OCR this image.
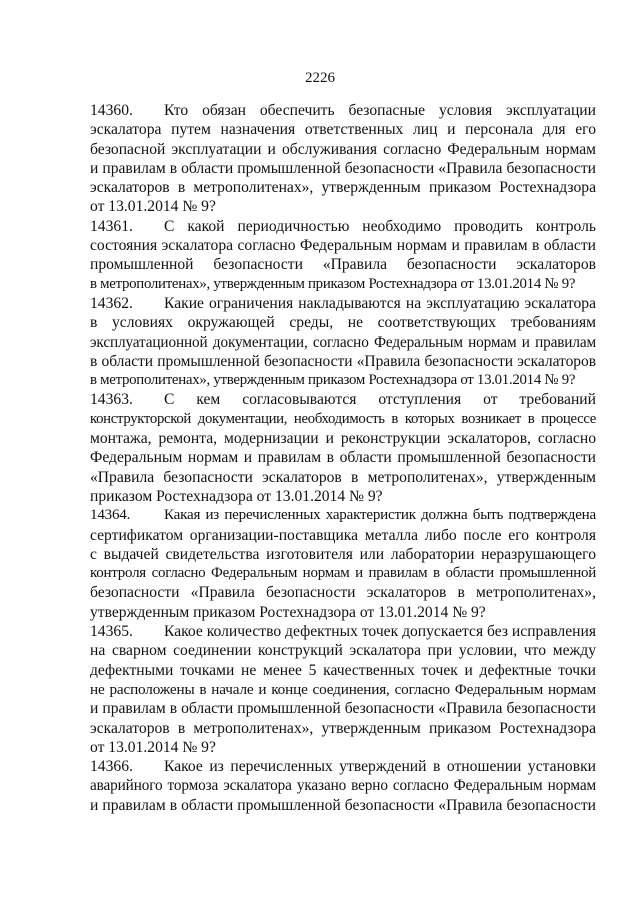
2226
14360. Кто обязан обеспечить безопасные условия эксплуатации
эскалатора путем назначения ответственных лиц и персонала для его
безопасной эксплуатации и обслуживания согласно Федеральным нормам
и правилам в области промышленной безопасности «Правила безопасности
эскалаторов в метрополитенах», утвержденным приказом Ростехнадзора
от 13.01.2014 № 9?
14361. С какой периодичностью необходимо проводить контроль
состояния эскалатора согласно Федеральным нормам и правилам в области
промышленной безопасности «Правила безопасности эскалаторов
в метрополитенах», утвержденным приказом Ростехнадзора от 13.01.2014 № 9?
14362. Какие ограничения накладываются на эксплуатацию эскалатора
в условиях окружающей среды, не соответствующих требованиям
эксплуатационной документации, согласно Федеральным нормам и правилам
в области промышленной безопасности «Правила безопасности эскалаторов
в метрополитенах», утвержденным приказом Ростехнадзора от 13.01.2014 № 9?
14363. С кем согласовываются отступления от требований
конструкторской документации, необходимость в которых возникает в процессе
монтажа, ремонта, модернизации и реконструкции эскалаторов, согласно
Федеральным нормам и правилам в области промышленной безопасности
«Правила безопасности эскалаторов в метрополитенах», утвержденным
приказом Ростехнадзора от 13.01.2014 № 9?
14364. Какая из перечисленных характеристик должна быть подтверждена
сертификатом организации-поставщика металла либо после его контроля
с выдачей свидетельства изготовителя или лаборатории неразрушающего
контроля согласно Федеральным нормам и правилам в области промышленной
безопасности «Правила безопасности эскалаторов в метрополитенах»,
утвержденным приказом Ростехнадзора от 13.01.2014 № 9?
14365. Какое количество дефектных точек допускается без исправления
на сварном соединении конструкций эскалатора при условии, что между
дефектными точками не менее 5 качественных точек и дефектные точки
не расположены в начале и конце соединения, согласно Федеральным нормам
и правилам в области промышленной безопасности «Правила безопасности
эскалаторов в метрополитенах», утвержденным приказом Ростехнадзора
от 13.01.2014 № 9?
14366. Какое из перечисленных утверждений в отношении установки
аварийного тормоза эскалатора указано верно согласно Федеральным нормам
и правилам в области промышленной безопасности «Правила безопасности
